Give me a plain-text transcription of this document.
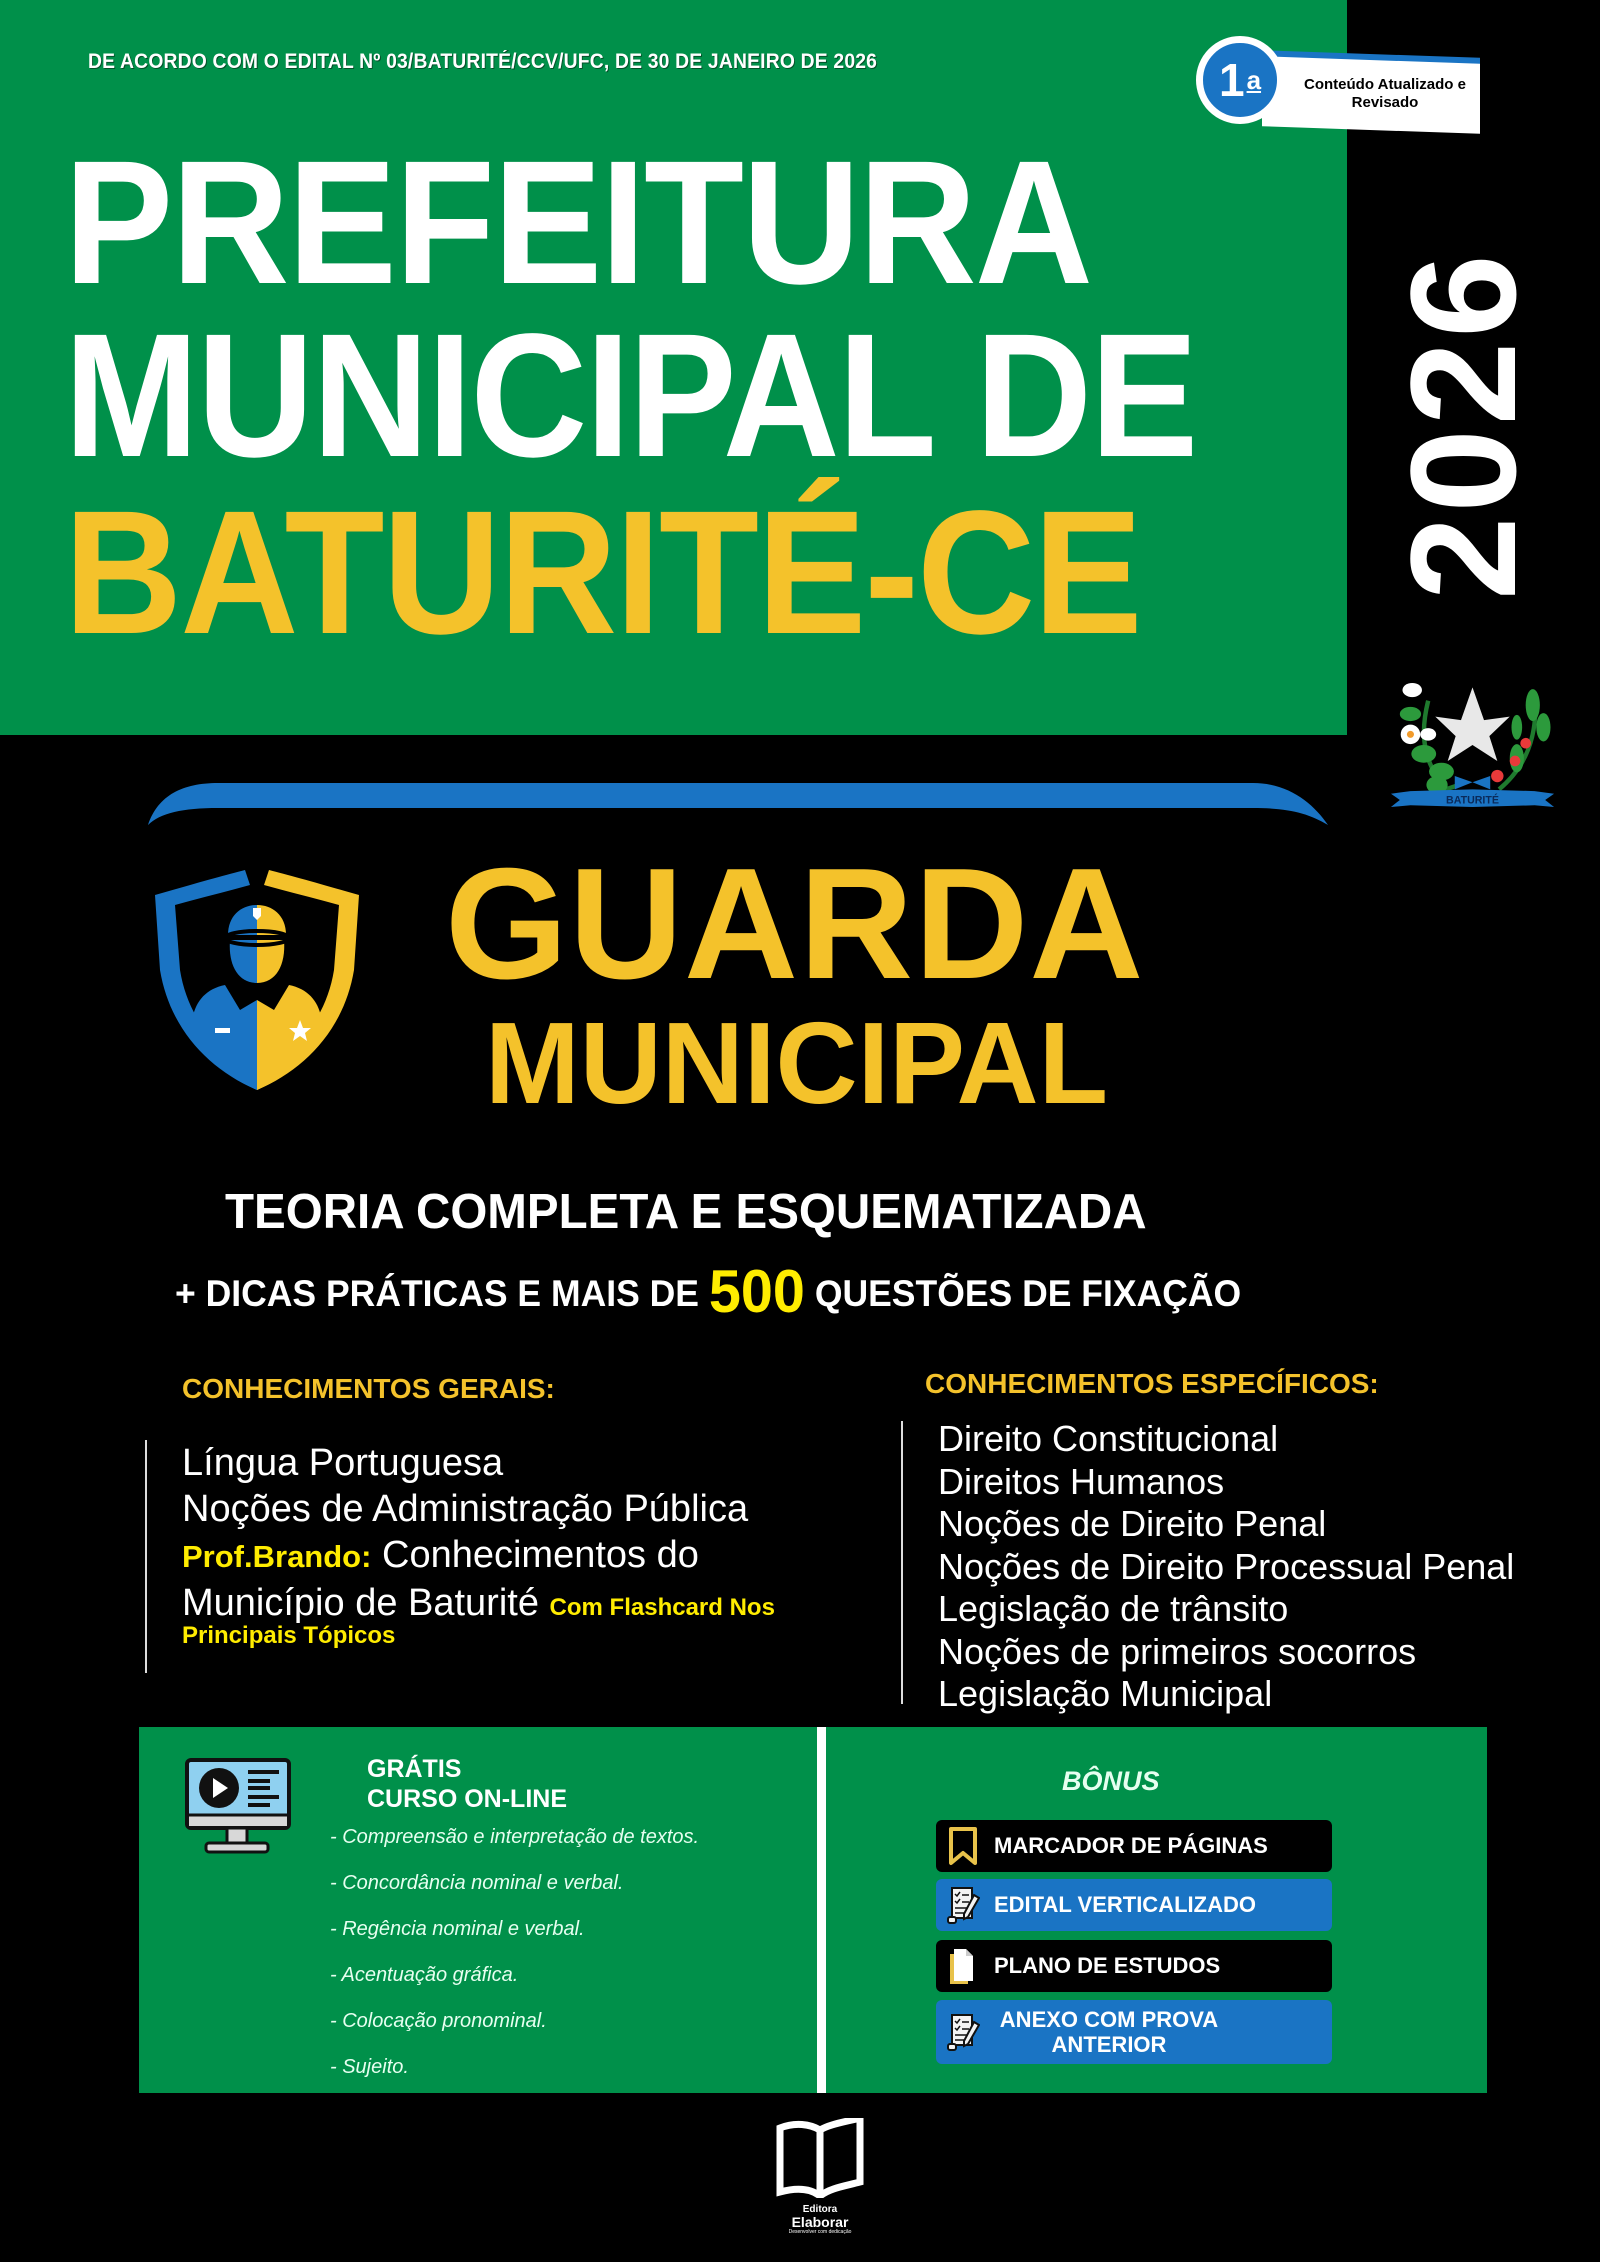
DE ACORDO COM O EDITAL Nº 03/BATURITÉ/CCV/UFC, DE 30 DE JANEIRO DE 2026
PREFEITURA
MUNICIPAL DE
BATURITÉ-CE
Conteúdo Atualizado e Revisado
1 a
2026
BATURITÉ
GUARDA
MUNICIPAL
TEORIA COMPLETA E ESQUEMATIZADA
+ DICAS PRÁTICAS E MAIS DE 500 QUESTÕES DE FIXAÇÃO
CONHECIMENTOS GERAIS:
Língua Portuguesa
Noções de Administração Pública
Prof.Brando: Conhecimentos do
Município de Baturité Com Flashcard Nos
Principais Tópicos
CONHECIMENTOS ESPECÍFICOS:
Direito Constitucional
Direitos Humanos
Noções de Direito Penal
Noções de Direito Processual Penal
Legislação de trânsito
Noções de primeiros socorros
Legislação Municipal
GRÁTIS
CURSO ON-LINE
- Compreensão e interpretação de textos.
- Concordância nominal e verbal.
- Regência nominal e verbal.
- Acentuação gráfica.
- Colocação pronominal.
- Sujeito.
BÔNUS
MARCADOR DE PÁGINAS
EDITAL VERTICALIZADO
PLANO DE ESTUDOS
ANEXO COM PROVA ANTERIOR
Editora
Elaborar
Desenvolver com dedicação
